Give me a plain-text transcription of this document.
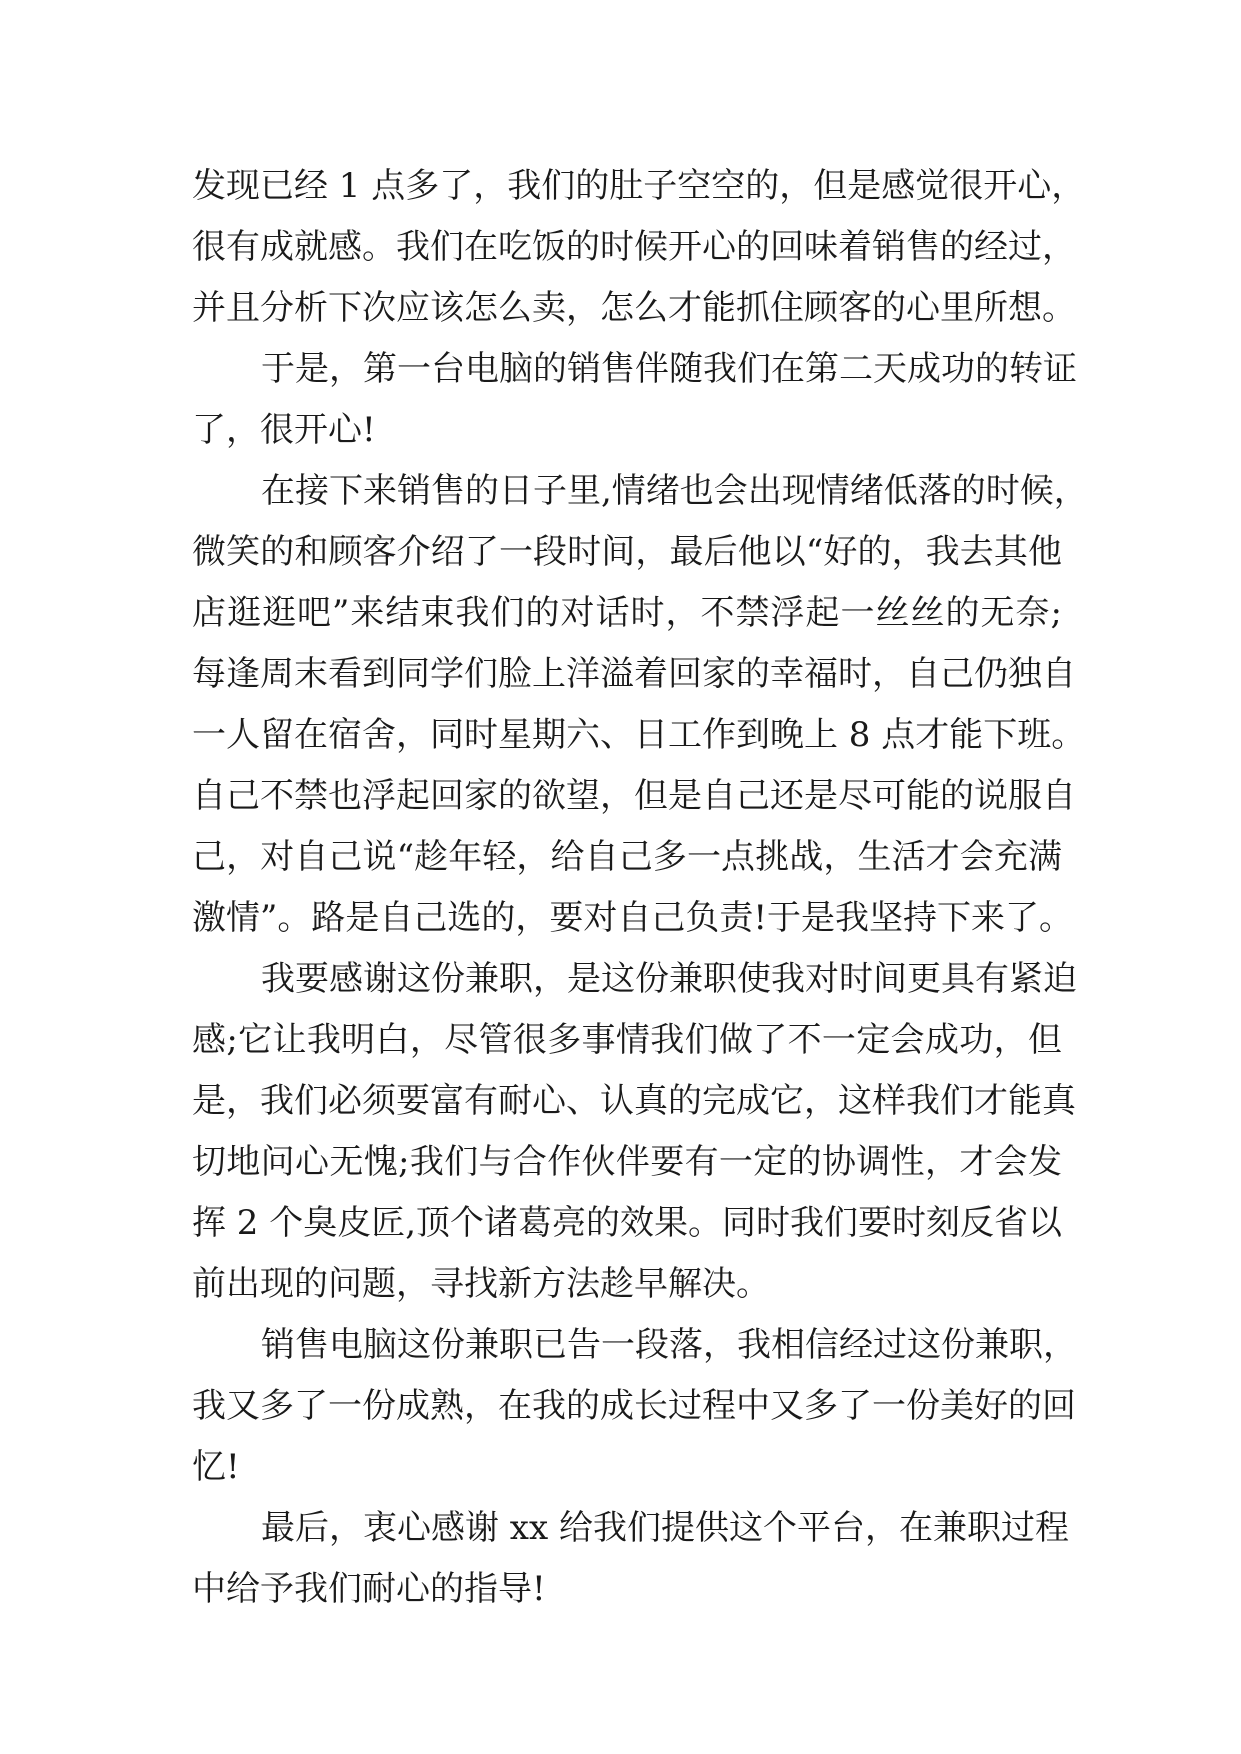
发现已经 1 点多了，我们的肚子空空的，但是感觉很开心，
很有成就感。我们在吃饭的时候开心的回味着销售的经过，
并且分析下次应该怎么卖，怎么才能抓住顾客的心里所想。
于是，第一台电脑的销售伴随我们在第二天成功的转证
了，很开心!
在接下来销售的日子里,情绪也会出现情绪低落的时候，
微笑的和顾客介绍了一段时间，最后他以“好的，我去其他
店逛逛吧”来结束我们的对话时，不禁浮起一丝丝的无奈;
每逢周末看到同学们脸上洋溢着回家的幸福时，自己仍独自
一人留在宿舍，同时星期六、日工作到晚上 8 点才能下班。
自己不禁也浮起回家的欲望，但是自己还是尽可能的说服自
己，对自己说“趁年轻，给自己多一点挑战，生活才会充满
激情”。路是自己选的，要对自己负责!于是我坚持下来了。
我要感谢这份兼职，是这份兼职使我对时间更具有紧迫
感;它让我明白，尽管很多事情我们做了不一定会成功，但
是，我们必须要富有耐心、认真的完成它，这样我们才能真
切地问心无愧;我们与合作伙伴要有一定的协调性，才会发
挥 2 个臭皮匠,顶个诸葛亮的效果。同时我们要时刻反省以
前出现的问题，寻找新方法趁早解决。
销售电脑这份兼职已告一段落，我相信经过这份兼职，
我又多了一份成熟，在我的成长过程中又多了一份美好的回
忆!
最后，衷心感谢 xx 给我们提供这个平台，在兼职过程
中给予我们耐心的指导!
